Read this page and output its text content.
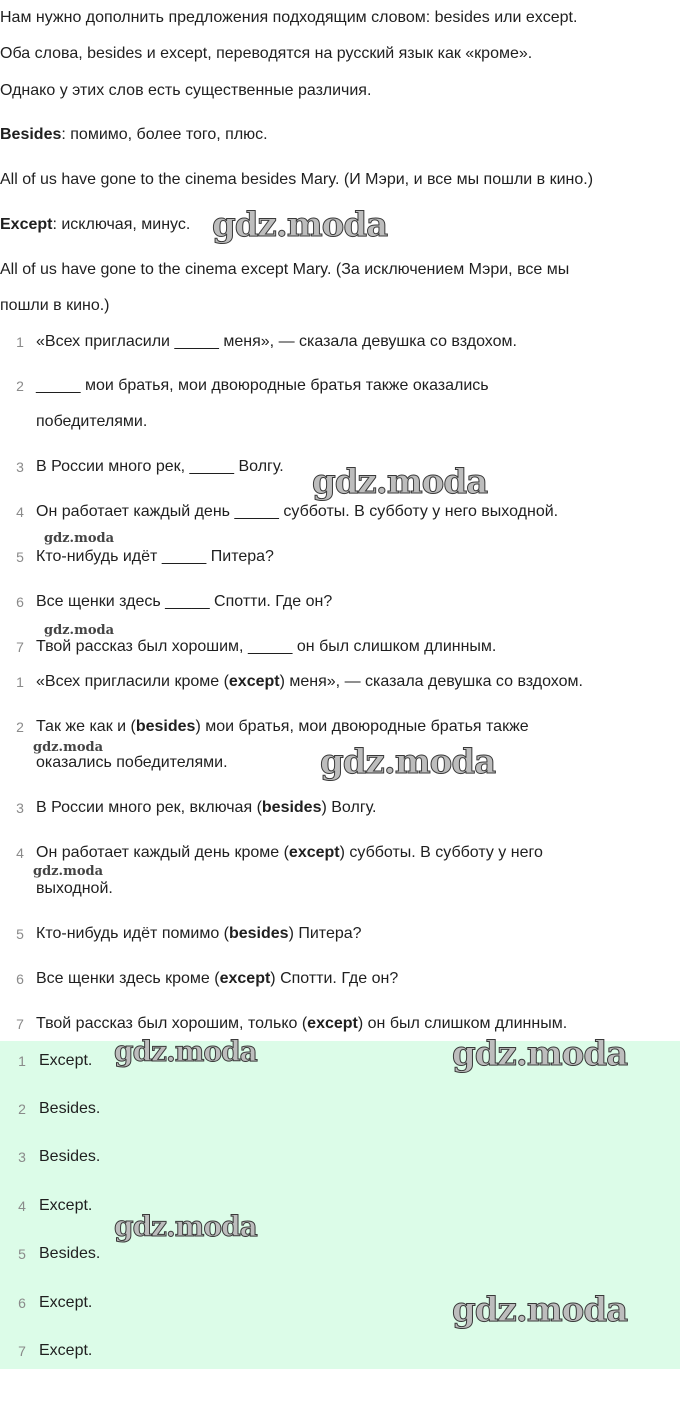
Нам нужно дополнить предложения подходящим словом: besides или except.
Оба слова, besides и except, переводятся на русский язык как «кроме».
Однако у этих слов есть существенные различия.
Besides: помимо, более того, плюс.
All of us have gone to the cinema besides Mary. (И Мэри, и все мы пошли в кино.)
Except: исключая, минус.
All of us have gone to the cinema except Mary. (За исключением Мэри, все мы
пошли в кино.)
1 «Всех пригласили _____ меня», — сказала девушка со вздохом.
2 _____ мои братья, мои двоюродные братья также оказались
победителями.
3 В России много рек, _____ Волгу.
4 Он работает каждый день _____ субботы. В субботу у него выходной.
5 Кто-нибудь идёт _____ Питера?
6 Все щенки здесь _____ Спотти. Где он?
7 Твой рассказ был хорошим, _____ он был слишком длинным.
1 «Всех пригласили кроме (except) меня», — сказала девушка со вздохом.
2 Так же как и (besides) мои братья, мои двоюродные братья также
оказались победителями.
3 В России много рек, включая (besides) Волгу.
4 Он работает каждый день кроме (except) субботы. В субботу у него
выходной.
5 Кто-нибудь идёт помимо (besides) Питера?
6 Все щенки здесь кроме (except) Спотти. Где он?
7 Твой рассказ был хорошим, только (except) он был слишком длинным.
1 Except.
2 Besides.
3 Besides.
4 Except.
5 Besides.
6 Except.
7 Except.
gdz.moda
gdz.moda
gdz.moda
gdz.moda
gdz.moda	gdz.moda
gdz.moda
gdz.moda	gdz.moda
gdz.moda
gdz.moda
